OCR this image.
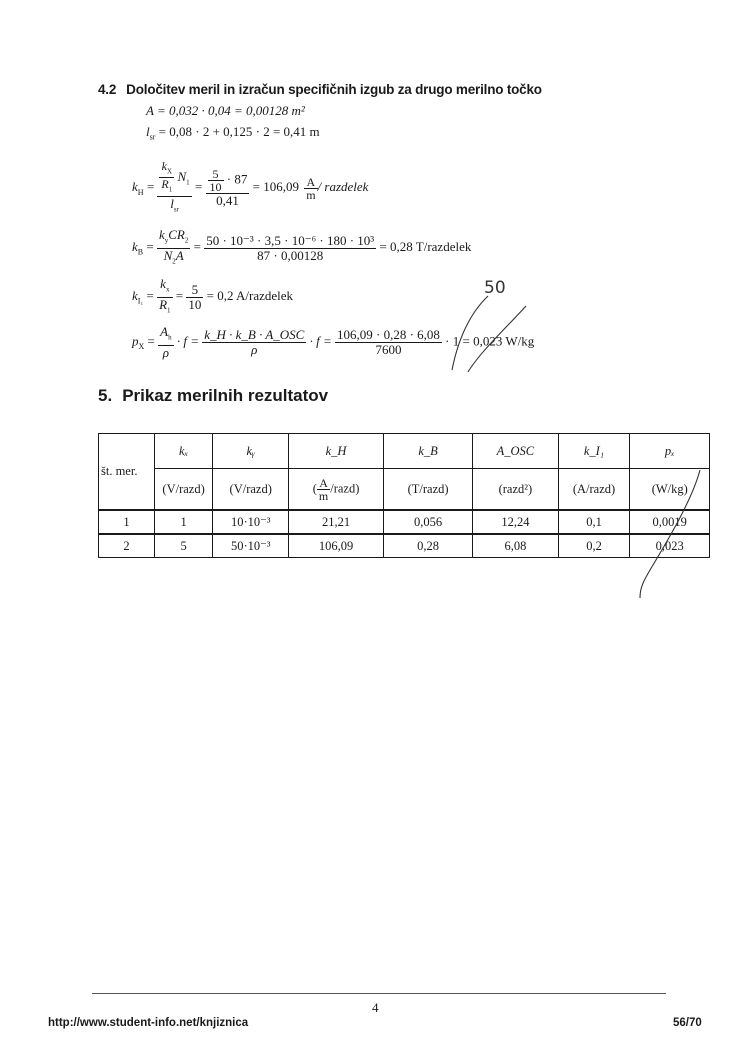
4.2 Določitev meril in izračun specifičnih izgub za drugo merilno točko
A = 0,032 · 0,04 = 0,00128 m²
$l_{sr} = 0,08 \cdot 2 + 0,125 \cdot 2 = 0,41$ m
$k_H = \frac{\frac{k_X}{R_1} N_1}{l_{sr}} = \frac{\frac{5}{10} \cdot 87}{0,41} = 106,09 \frac{A}{m}$ / razdelek
$k_B = \frac{k_yCR_2}{N_2A} = \frac{\text{50 · 10⁻³ · 3,5 · 10⁻⁶ · 180 · 10³}}{87 \cdot 0,00128} = 0,28$ T/razdelek
$k_{I_1} = \frac{k_x}{R_1} = \frac{5}{10} = 0,2$ A/razdelek
$p_X = \frac{A_h}{\rho} \cdot f = \frac{\text{k\_H · k\_B · A\_OSC}}{\rho} \cdot f = \frac{106,09 \cdot 0,28 \cdot 6,08}{7600} \cdot 1 = 0,023$ W/kg
50
5. Prikaz merilnih rezultatov
št. mer.	kₓ	kᵧ	k_H	k_B	A_OSC	k_I₁	pₓ
	(V/razd)	(V/razd)	( $\frac{A}{m}$ /razd)	(T/razd)	(razd²)	(A/razd)	(W/kg)
1	1	10·10⁻³	21,21	0,056	12,24	0,1	0,0019
2	5	50·10⁻³	106,09	0,28	6,08	0,2	0,023
4
http://www.student-info.net/knjiznica	56/70
